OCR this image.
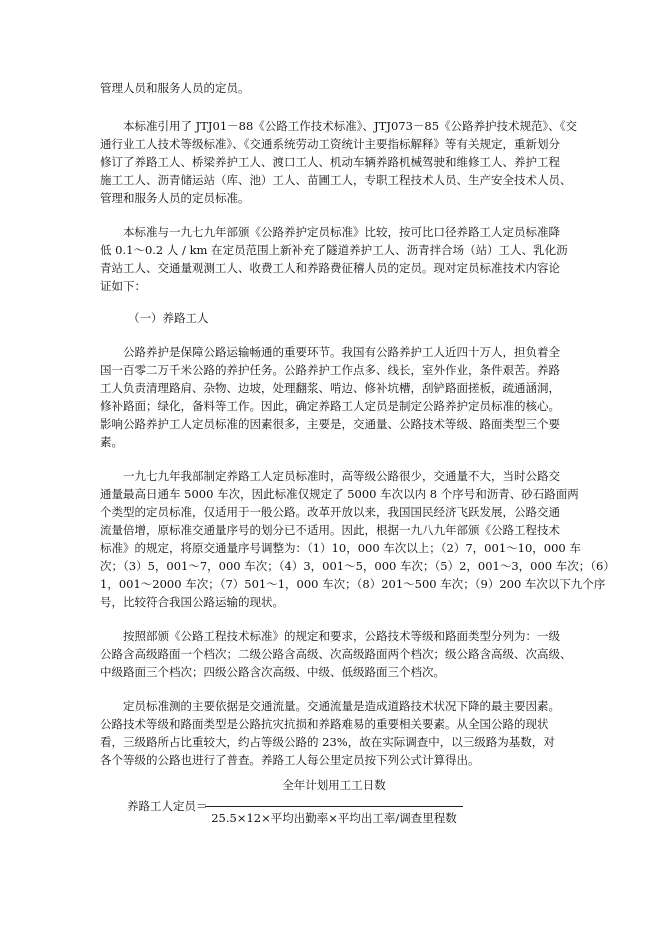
管理人员和服务人员的定员。
　　本标准引用了 JTJ01－88《公路工作技术标准》、JTJ073－85《公路养护技术规范》、《交
通行业工人技术等级标准》、《交通系统劳动工资统计主要指标解释》等有关规定，重新划分
修订了养路工人、桥梁养护工人、渡口工人、机动车辆养路机械驾驶和维修工人、养护工程
施工工人、沥青储运站（库、池）工人、苗圃工人，专职工程技术人员、生产安全技术人员、
管理和服务人员的定员标准。
　　本标准与一九七九年部颁《公路养护定员标准》比较，按可比口径养路工人定员标准降
低 0.1～0.2 人 / km 在定员范围上新补充了隧道养护工人、沥青拌合场（站）工人、乳化沥
青站工人、交通量观测工人、收费工人和养路费征稽人员的定员。现对定员标准技术内容论
证如下：
（一）养路工人
　　公路养护是保障公路运输畅通的重要环节。我国有公路养护工人近四十万人，担负着全
国一百零二万千米公路的养护任务。公路养护工作点多、线长，室外作业，条件艰苦。养路
工人负责清理路肩、杂物、边坡，处理翻浆、啃边、修补坑槽，刮铲路面搓板，疏通涵洞，
修补路面；绿化，备料等工作。因此，确定养路工人定员是制定公路养护定员标准的核心。
影响公路养护工人定员标准的因素很多，主要是，交通量、公路技术等级、路面类型三个要
素。
　　一九七九年我部制定养路工人定员标准时，高等级公路很少，交通量不大，当时公路交
通量最高日通车 5000 车次，因此标准仅规定了 5000 车次以内 8 个序号和沥青、砂石路面两
个类型的定员标准，仅适用于一般公路。改革开放以来，我国国民经济飞跃发展，公路交通
流量倍增，原标准交通量序号的划分已不适用。因此，根据一九八九年部颁《公路工程技术
标准》的规定，将原交通量序号调整为：（1）10，000 车次以上；（2）7，001～10，000 车
次；（3）5，001～7，000 车次；（4）3，001～5，000 车次；（5）2，001～3，000 车次；（6）
1，001～2000 车次；（7）501～1，000 车次；（8）201～500 车次；（9）200 车次以下九个序
号，比较符合我国公路运输的现状。
　　按照部颁《公路工程技术标准》的规定和要求，公路技术等级和路面类型分列为：一级
公路含高级路面一个档次；二级公路含高级、次高级路面两个档次；级公路含高级、次高级、
中级路面三个档次；四级公路含次高级、中级、低级路面三个档次。
　　定员标准测的主要依据是交通流量。交通流量是造成道路技术状况下降的最主要因素。
公路技术等级和路面类型是公路抗灾抗损和养路难易的重要相关要素。从全国公路的现状
看，三级路所占比重较大，约占等级公路的 23%，故在实际调查中，以三级路为基数，对
各个等级的公路也进行了普查。养路工人每公里定员按下列公式计算得出。
全年计划用工工日数
养路工人定员＝
25.5×12×平均出勤率×平均出工率/调查里程数
